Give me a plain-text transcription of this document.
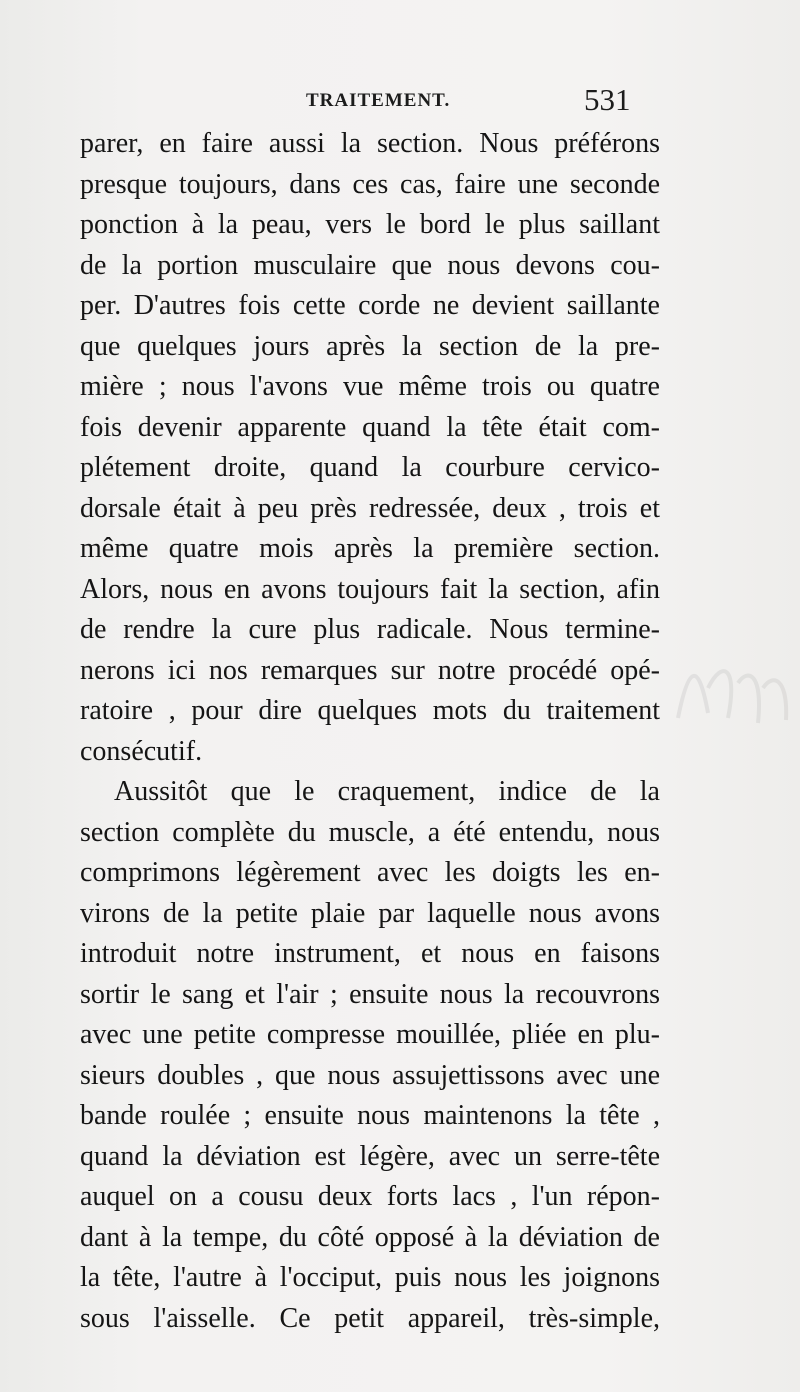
TRAITEMENT.	531
parer, en faire aussi la section. Nous préférons
presque toujours, dans ces cas, faire une seconde
ponction à la peau, vers le bord le plus saillant
de la portion musculaire que nous devons cou-
per. D'autres fois cette corde ne devient saillante
que quelques jours après la section de la pre-
mière ; nous l'avons vue même trois ou quatre
fois devenir apparente quand la tête était com-
plétement droite, quand la courbure cervico-
dorsale était à peu près redressée, deux , trois et
même quatre mois après la première section.
Alors, nous en avons toujours fait la section, afin
de rendre la cure plus radicale. Nous termine-
nerons ici nos remarques sur notre procédé opé-
ratoire , pour dire quelques mots du traitement
consécutif.
Aussitôt que le craquement, indice de la
section complète du muscle, a été entendu, nous
comprimons légèrement avec les doigts les en-
virons de la petite plaie par laquelle nous avons
introduit notre instrument, et nous en faisons
sortir le sang et l'air ; ensuite nous la recouvrons
avec une petite compresse mouillée, pliée en plu-
sieurs doubles , que nous assujettissons avec une
bande roulée ; ensuite nous maintenons la tête ,
quand la déviation est légère, avec un serre-tête
auquel on a cousu deux forts lacs , l'un répon-
dant à la tempe, du côté opposé à la déviation de
la tête, l'autre à l'occiput, puis nous les joignons
sous l'aisselle. Ce petit appareil, très-simple,
